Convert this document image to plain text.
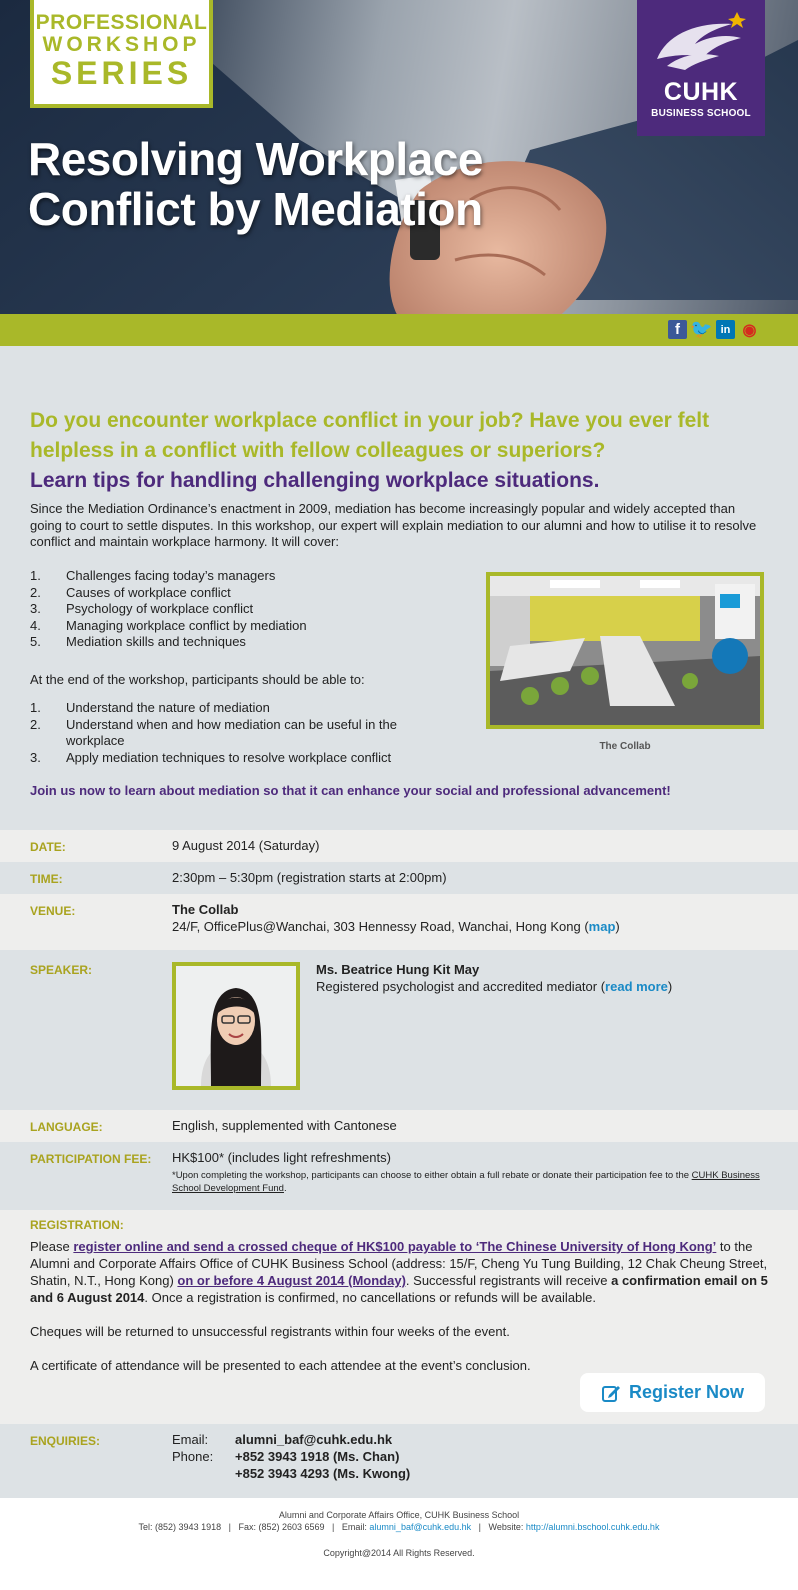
PROFESSIONAL
WORKSHOP
SERIES
CUHK
BUSINESS SCHOOL
Resolving Workplace
Conflict by Mediation
f 🐦 in ◉
Do you encounter workplace conflict in your job? Have you ever felt helpless in a conflict with fellow colleagues or superiors?
Learn tips for handling challenging workplace situations.

Since the Mediation Ordinance’s enactment in 2009, mediation has become increasingly popular and widely accepted than going to court to settle disputes. In this workshop, our expert will explain mediation to our alumni and how to utilise it to resolve conflict and maintain workplace harmony. It will cover:

1. Challenges facing today’s managers
2. Causes of workplace conflict
3. Psychology of workplace conflict
4. Managing workplace conflict by mediation
5. Mediation skills and techniques
At the end of the workshop, participants should be able to:
1. Understand the nature of mediation
2. Understand when and how mediation can be useful in the workplace
3. Apply mediation techniques to resolve workplace conflict
Join us now to learn about mediation so that it can enhance your social and professional advancement!
The Collab
DATE:	9 August 2014 (Saturday)
TIME:	2:30pm – 5:30pm (registration starts at 2:00pm)
VENUE:	The Collab
24/F, OfficePlus@Wanchai, 303 Hennessy Road, Wanchai, Hong Kong (map)
SPEAKER:	Ms. Beatrice Hung Kit May
Registered psychologist and accredited mediator (read more)
LANGUAGE:	English, supplemented with Cantonese
PARTICIPATION FEE: HK$100* (includes light refreshments)
*Upon completing the workshop, participants can choose to either obtain a full rebate or donate their participation fee to the CUHK Business School Development Fund.
REGISTRATION:

Please register online and send a crossed cheque of HK$100 payable to ‘The Chinese University of Hong Kong’ to the Alumni and Corporate Affairs Office of CUHK Business School (address: 15/F, Cheng Yu Tung Building, 12 Chak Cheung Street, Shatin, N.T., Hong Kong) on or before 4 August 2014 (Monday). Successful registrants will receive a confirmation email on 5 and 6 August 2014. Once a registration is confirmed, no cancellations or refunds will be available.

Cheques will be returned to unsuccessful registrants within four weeks of the event.

A certificate of attendance will be presented to each attendee at the event’s conclusion.

Register Now
ENQUIRIES:	Email:	alumni_baf@cuhk.edu.hk
Phone:	+852 3943 1918 (Ms. Chan)
+852 3943 4293 (Ms. Kwong)
Alumni and Corporate Affairs Office, CUHK Business School
Tel: (852) 3943 1918 | Fax: (852) 2603 6569 | Email: alumni_baf@cuhk.edu.hk | Website: http://alumni.bschool.cuhk.edu.hk
Copyright@2014 All Rights Reserved.
